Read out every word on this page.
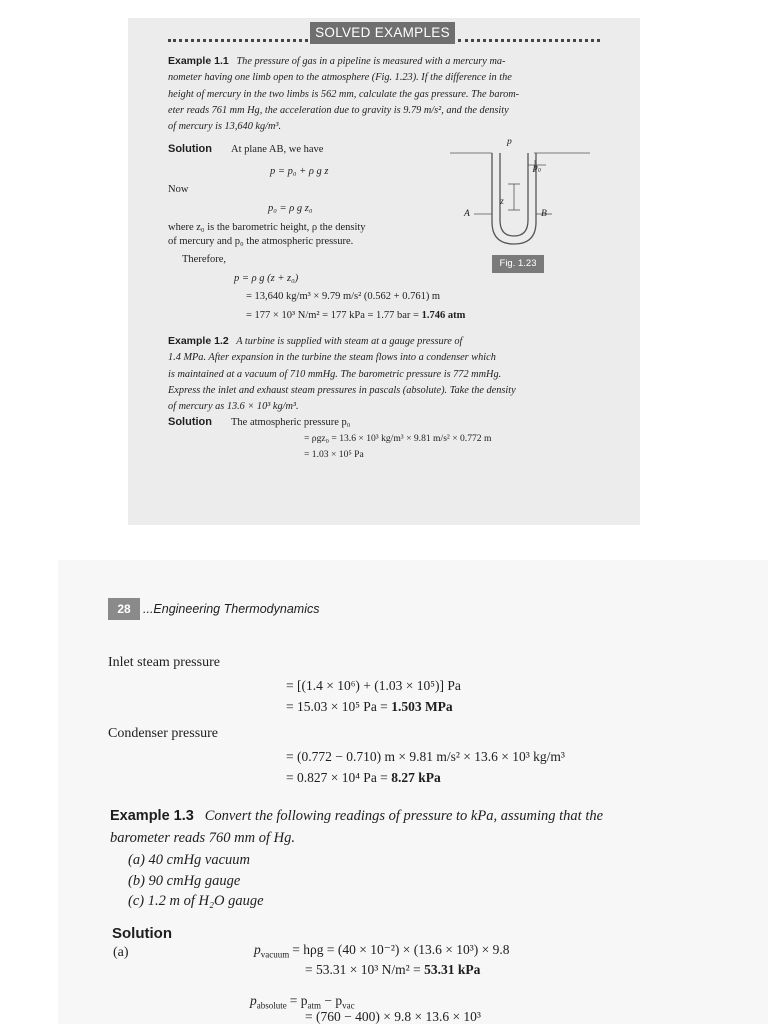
SOLVED EXAMPLES
Example 1.1 The pressure of gas in a pipeline is measured with a mercury ma-
nometer having one limb open to the atmosphere (Fig. 1.23). If the difference in the
height of mercury in the two limbs is 562 mm, calculate the gas pressure. The barom-
eter reads 761 mm Hg, the acceleration due to gravity is 9.79 m/s², and the density
of mercury is 13,640 kg/m³.
Solution At plane AB, we have
p = p₀ + ρ g z
Now
p₀ = ρ g z₀
where z₀ is the barometric height, ρ the density
of mercury and p₀ the atmospheric pressure.
Therefore,
p = ρ g (z + z₀)
= 13,640 kg/m³ × 9.79 m/s² (0.562 + 0.761) m
= 177 × 10³ N/m² = 177 kPa = 1.77 bar = 1.746 atm
p
p₀
z
A	B
Fig. 1.23
Example 1.2 A turbine is supplied with steam at a gauge pressure of
1.4 MPa. After expansion in the turbine the steam flows into a condenser which
is maintained at a vacuum of 710 mmHg. The barometric pressure is 772 mmHg.
Express the inlet and exhaust steam pressures in pascals (absolute). Take the density
of mercury as 13.6 × 10³ kg/m³.
Solution The atmospheric pressure p₀
= ρgz₀ = 13.6 × 10³ kg/m³ × 9.81 m/s² × 0.772 m
= 1.03 × 10⁵ Pa
28 ...Engineering Thermodynamics
Inlet steam pressure
= [(1.4 × 10⁶) + (1.03 × 10⁵)] Pa
= 15.03 × 10⁵ Pa = 1.503 MPa
Condenser pressure
= (0.772 − 0.710) m × 9.81 m/s² × 13.6 × 10³ kg/m³
= 0.827 × 10⁴ Pa = 8.27 kPa
Example 1.3 Convert the following readings of pressure to kPa, assuming that the
barometer reads 760 mm of Hg.
(a) 40 cmHg vacuum
(b) 90 cmHg gauge
(c) 1.2 m of H₂O gauge
Solution
(a)	$p_{vacuum} = h\rho g = (40 \times 10^{-2}) \times (13.6 \times 10^3) \times 9.8$
= 53.31 × 10³ N/m² = 53.31 kPa
$p_{absolute} = p_{atm} - p_{vac}$
= (760 − 400) × 9.8 × 13.6 × 10³
